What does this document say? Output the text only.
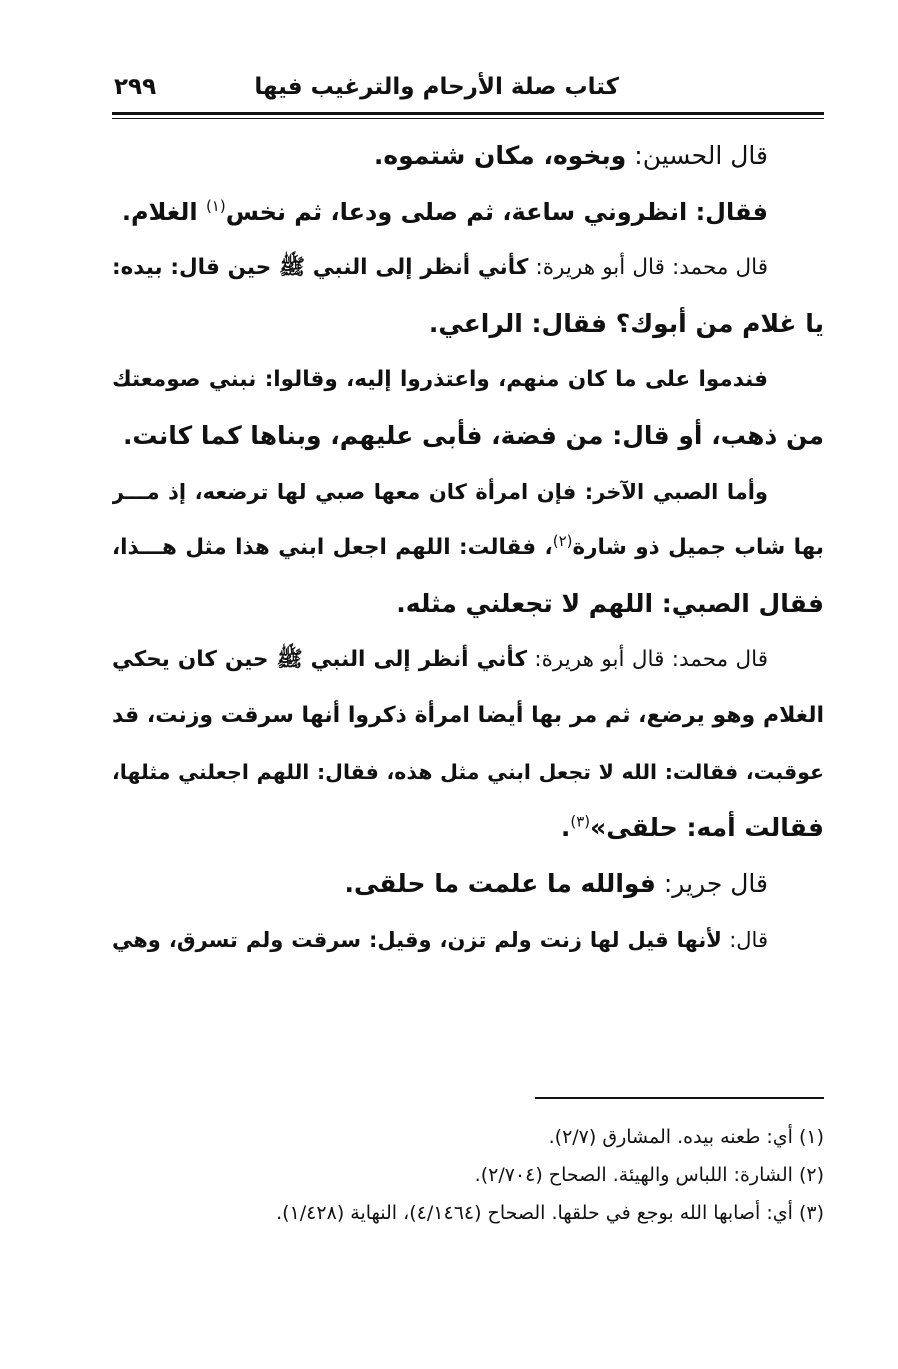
كتاب صلة الأرحام والترغيب فيها
٢٩٩
قال الحسين: وبخوه، مكان شتموه.
فقال: انظروني ساعة، ثم صلى ودعا، ثم نخس$^{(١)}$ الغلام.
قال محمد: قال أبو هريرة: كأني أنظر إلى النبي ﷺ حين قال: بيده:
يا غلام من أبوك؟ فقال: الراعي.
فندموا على ما كان منهم، واعتذروا إليه، وقالوا: نبني صومعتك
من ذهب، أو قال: من فضة، فأبى عليهم، وبناها كما كانت.
وأما الصبي الآخر: فإن امرأة كان معها صبي لها ترضعه، إذ مـــر
بها شاب جميل ذو شارة$^{(٢)}$، فقالت: اللهم اجعل ابني هذا مثل هـــذا،
فقال الصبي: اللهم لا تجعلني مثله.
قال محمد: قال أبو هريرة: كأني أنظر إلى النبي ﷺ حين كان يحكي
الغلام وهو يرضع، ثم مر بها أيضا امرأة ذكروا أنها سرقت وزنت، قد
عوقبت، فقالت: الله لا تجعل ابني مثل هذه، فقال: اللهم اجعلني مثلها،
فقالت أمه: حلقى»$^{(٣)}$.
قال جرير: فوالله ما علمت ما حلقى.
قال: لأنها قيل لها زنت ولم تزن، وقيل: سرقت ولم تسرق، وهي
(١) أي: طعنه بيده. المشارق (٢/٧).
(٢) الشارة: اللباس والهيئة. الصحاح (٢/٧٠٤).
(٣) أي: أصابها الله بوجع في حلقها. الصحاح (٤/١٤٦٤)، النهاية (١/٤٢٨).
